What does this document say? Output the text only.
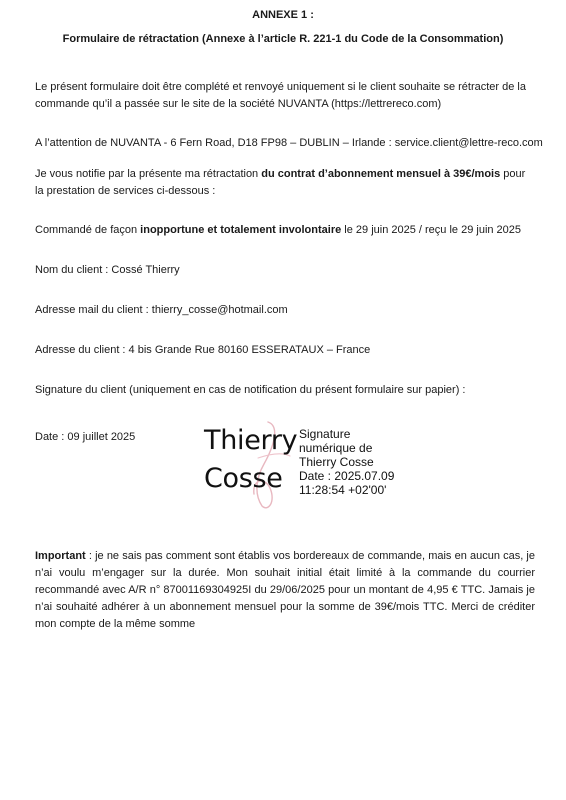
ANNEXE 1 :
Formulaire de rétractation (Annexe à l’article R. 221-1 du Code de la Consommation)
Le présent formulaire doit être complété et renvoyé uniquement si le client souhaite se rétracter de la commande qu’il a passée sur le site de la société NUVANTA (https://lettrereco.com)
A l’attention de NUVANTA - 6 Fern Road, D18 FP98 – DUBLIN – Irlande : service.client@lettre-reco.com
Je vous notifie par la présente ma rétractation du contrat d’abonnement mensuel à 39€/mois pour la prestation de services ci-dessous :
Commandé de façon inopportune et totalement involontaire le 29 juin 2025 / reçu le 29 juin 2025
Nom du client : Cossé Thierry
Adresse mail du client : thierry_cosse@hotmail.com
Adresse du client : 4 bis Grande Rue 80160 ESSERATAUX – France
Signature du client (uniquement en cas de notification du présent formulaire sur papier) :
Date : 09 juillet 2025	Thierry
Cosse
Signature
numérique de
Thierry Cosse
Date : 2025.07.09
11:28:54 +02'00'
Important : je ne sais pas comment sont établis vos bordereaux de commande, mais en aucun cas, je n’ai voulu m’engager sur la durée. Mon souhait initial était limité à la commande du courrier recommandé avec A/R n° 87001169304925I du 29/06/2025 pour un montant de 4,95 € TTC. Jamais je n’ai souhaité adhérer à un abonnement mensuel pour la somme de 39€/mois TTC. Merci de créditer mon compte de la même somme
